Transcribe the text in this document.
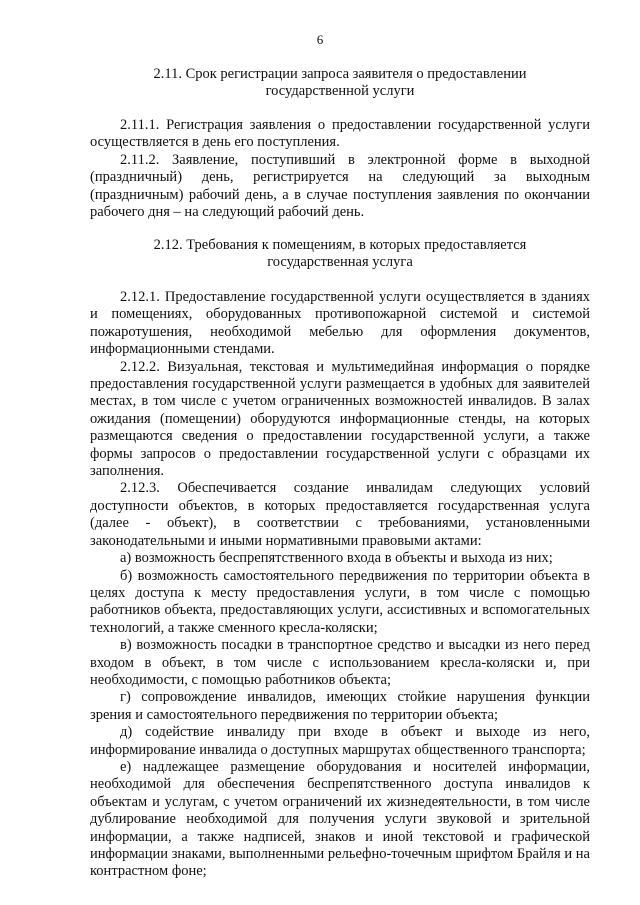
6
2.11. Срок регистрации запроса заявителя о предоставлении
государственной услуги

2.11.1. Регистрация заявления о предоставлении государственной услуги осуществляется в день его поступления.

2.11.2. Заявление, поступивший в электронной форме в выходной (праздничный) день, регистрируется на следующий за выходным (праздничным) рабочий день, а в случае поступления заявления по окончании рабочего дня – на следующий рабочий день.

2.12. Требования к помещениям, в которых предоставляется
государственная услуга

2.12.1. Предоставление государственной услуги осуществляется в зданиях и помещениях, оборудованных противопожарной системой и системой пожаротушения, необходимой мебелью для оформления документов, информационными стендами.

2.12.2. Визуальная, текстовая и мультимедийная информация о порядке предоставления государственной услуги размещается в удобных для заявителей местах, в том числе с учетом ограниченных возможностей инвалидов. В залах ожидания (помещении) оборудуются информационные стенды, на которых размещаются сведения о предоставлении государственной услуги, а также формы запросов о предоставлении государственной услуги с образцами их заполнения.

2.12.3. Обеспечивается создание инвалидам следующих условий доступности объектов, в которых предоставляется государственная услуга (далее - объект), в соответствии с требованиями, установленными законодательными и иными нормативными правовыми актами:

а) возможность беспрепятственного входа в объекты и выхода из них;

б) возможность самостоятельного передвижения по территории объекта в целях доступа к месту предоставления услуги, в том числе с помощью работников объекта, предоставляющих услуги, ассистивных и вспомогательных технологий, а также сменного кресла-коляски;

в) возможность посадки в транспортное средство и высадки из него перед входом в объект, в том числе с использованием кресла-коляски и, при необходимости, с помощью работников объекта;

г) сопровождение инвалидов, имеющих стойкие нарушения функции зрения и самостоятельного передвижения по территории объекта;

д) содействие инвалиду при входе в объект и выходе из него, информирование инвалида о доступных маршрутах общественного транспорта;

е) надлежащее размещение оборудования и носителей информации, необходимой для обеспечения беспрепятственного доступа инвалидов к объектам и услугам, с учетом ограничений их жизнедеятельности, в том числе дублирование необходимой для получения услуги звуковой и зрительной информации, а также надписей, знаков и иной текстовой и графической информации знаками, выполненными рельефно-точечным шрифтом Брайля и на контрастном фоне;
